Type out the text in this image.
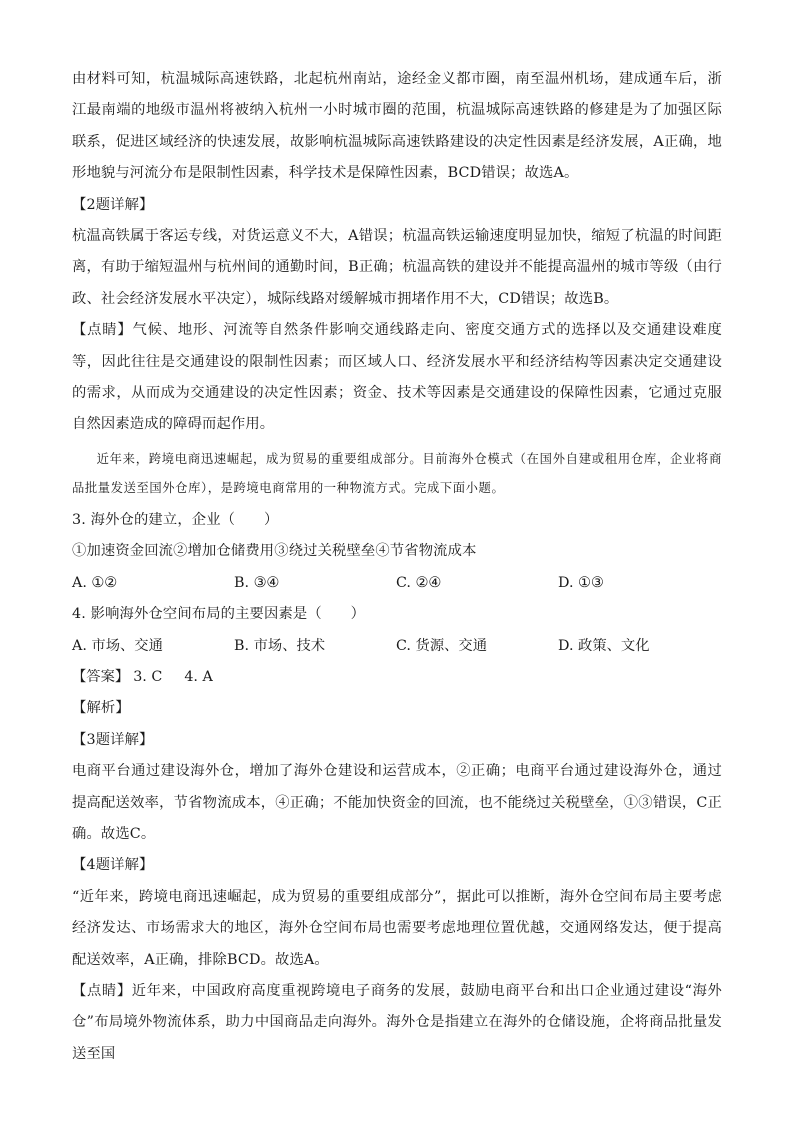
由材料可知，杭温城际高速铁路，北起杭州南站，途经金义都市圈，南至温州机场，建成通车后，浙江最南端的地级市温州将被纳入杭州一小时城市圈的范围，杭温城际高速铁路的修建是为了加强区际联系，促进区域经济的快速发展，故影响杭温城际高速铁路建设的决定性因素是经济发展，A正确，地形地貌与河流分布是限制性因素，科学技术是保障性因素，BCD错误；故选A。

【2题详解】

杭温高铁属于客运专线，对货运意义不大，A错误；杭温高铁运输速度明显加快，缩短了杭温的时间距离，有助于缩短温州与杭州间的通勤时间，B正确；杭温高铁的建设并不能提高温州的城市等级（由行政、社会经济发展水平决定），城际线路对缓解城市拥堵作用不大，CD错误；故选B。

【点睛】气候、地形、河流等自然条件影响交通线路走向、密度交通方式的选择以及交通建设难度等，因此往往是交通建设的限制性因素；而区域人口、经济发展水平和经济结构等因素决定交通建设的需求，从而成为交通建设的决定性因素；资金、技术等因素是交通建设的保障性因素，它通过克服自然因素造成的障碍而起作用。

近年来，跨境电商迅速崛起，成为贸易的重要组成部分。目前海外仓模式（在国外自建或租用仓库，企业将商品批量发送至国外仓库），是跨境电商常用的一种物流方式。完成下面小题。

3. 海外仓的建立，企业（　　）

①加速资金回流②增加仓储费用③绕过关税壁垒④节省物流成本

A. ①②	B. ③④	C. ②④	D. ①③

4. 影响海外仓空间布局的主要因素是（　　）

A. 市场、交通	B. 市场、技术	C. 货源、交通	D. 政策、文化
【答案】 3. C 4. A

【解析】

【3题详解】

电商平台通过建设海外仓，增加了海外仓建设和运营成本，②正确；电商平台通过建设海外仓，通过提高配送效率，节省物流成本，④正确；不能加快资金的回流，也不能绕过关税壁垒，①③错误，C正确。故选C。

【4题详解】

“近年来，跨境电商迅速崛起，成为贸易的重要组成部分”，据此可以推断，海外仓空间布局主要考虑经济发达、市场需求大的地区，海外仓空间布局也需要考虑地理位置优越，交通网络发达，便于提高配送效率，A正确，排除BCD。故选A。

【点睛】近年来，中国政府高度重视跨境电子商务的发展，鼓励电商平台和出口企业通过建设“海外仓”布局境外物流体系，助力中国商品走向海外。海外仓是指建立在海外的仓储设施，企将商品批量发送至国
